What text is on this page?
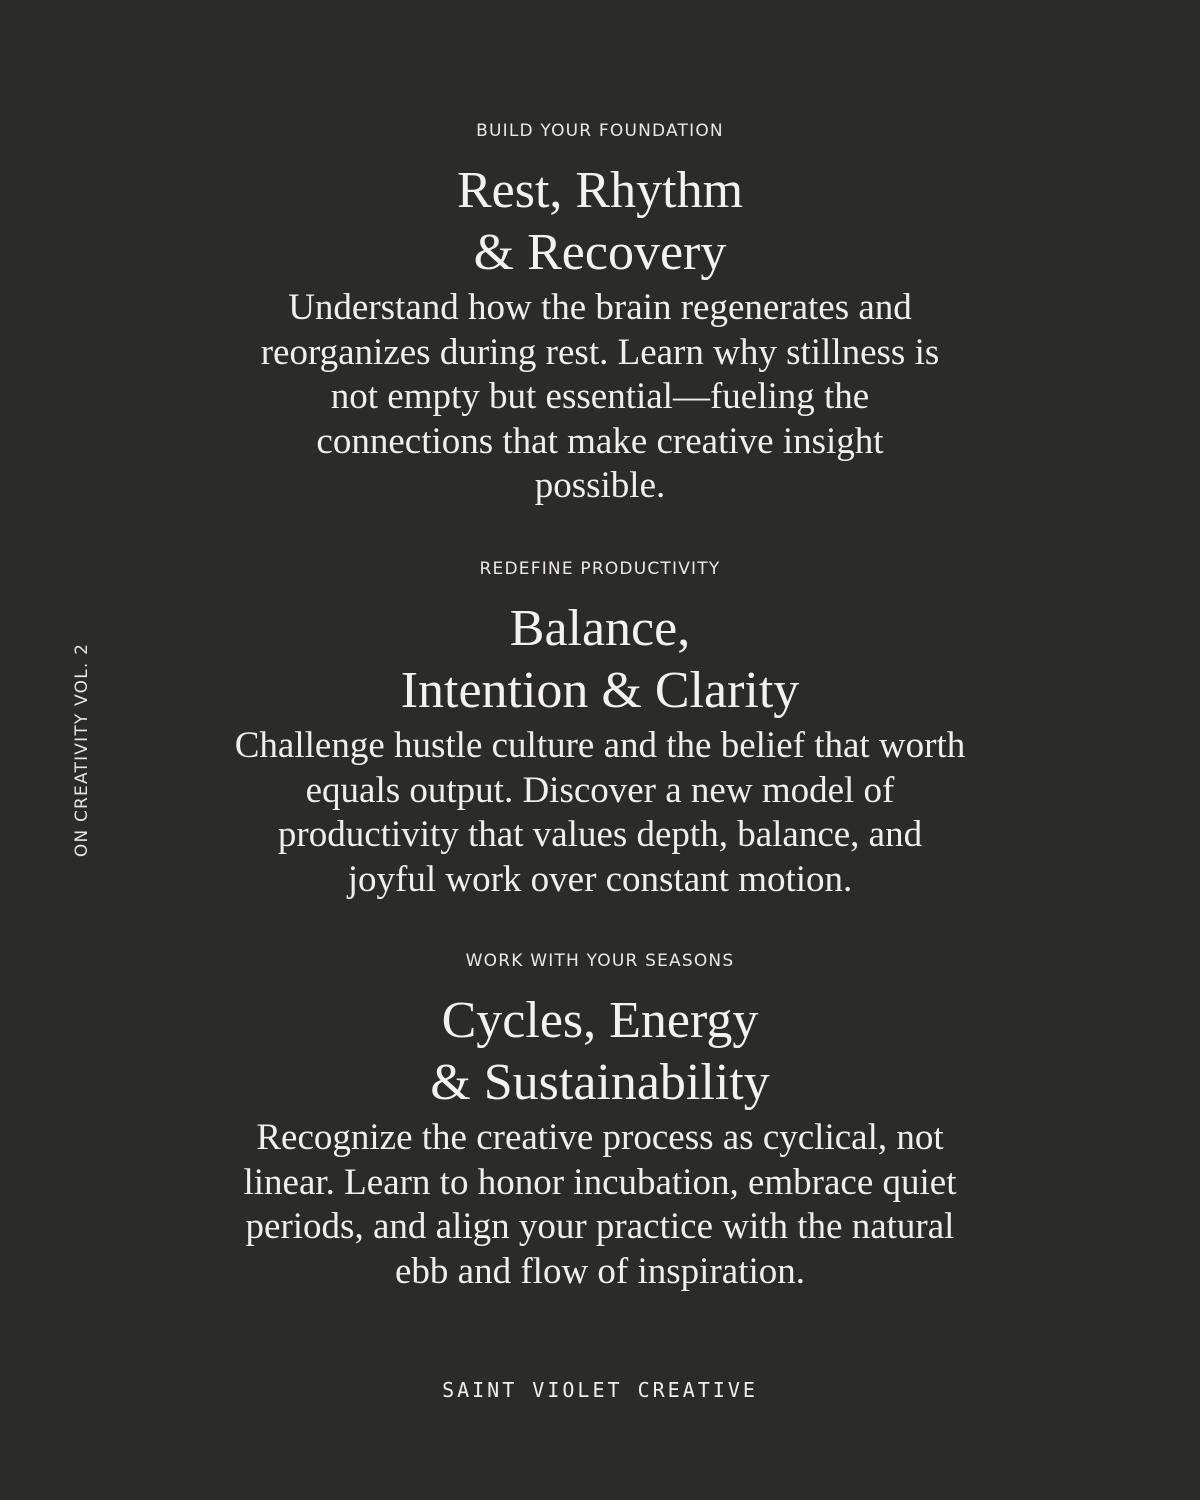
ON CREATIVITY VOL. 2

BUILD YOUR FOUNDATION

Rest, Rhythm
& Recovery

Understand how the brain regenerates and reorganizes during rest. Learn why stillness is not empty but essential—fueling the connections that make creative insight possible.

REDEFINE PRODUCTIVITY

Balance,
Intention & Clarity

Challenge hustle culture and the belief that worth equals output. Discover a new model of productivity that values depth, balance, and joyful work over constant motion.

WORK WITH YOUR SEASONS

Cycles, Energy
& Sustainability

Recognize the creative process as cyclical, not linear. Learn to honor incubation, embrace quiet periods, and align your practice with the natural ebb and flow of inspiration.

SAINT VIOLET CREATIVE
